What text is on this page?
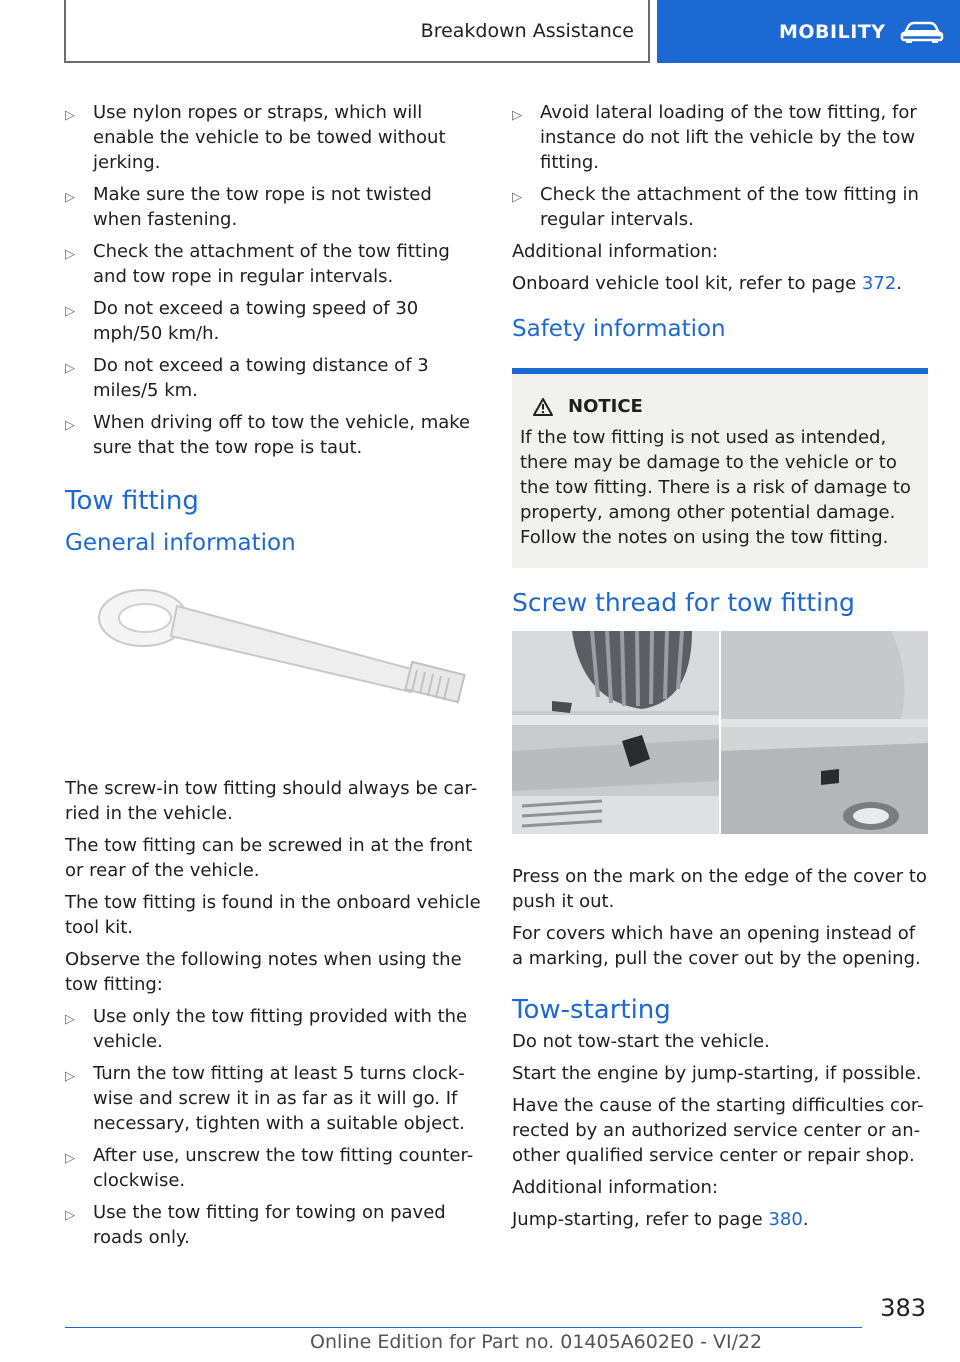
Breakdown Assistance	MOBILITY
▷ Use nylon ropes or straps, which will enable the vehicle to be towed without jerking.
▷ Make sure the tow rope is not twisted when fastening.
▷ Check the attachment of the tow fitting and tow rope in regular intervals.
▷ Do not exceed a towing speed of 30 mph/50 km/h.
▷ Do not exceed a towing distance of 3 miles/5 km.
▷ When driving off to tow the vehicle, make sure that the tow rope is taut.
Tow fitting
General information

The screw-in tow fitting should always be car-ried in the vehicle.

The tow fitting can be screwed in at the front or rear of the vehicle.

The tow fitting is found in the onboard vehicle tool kit.

Observe the following notes when using the tow fitting:

▷ Use only the tow fitting provided with the vehicle.
▷ Turn the tow fitting at least 5 turns clock-wise and screw it in as far as it will go. If necessary, tighten with a suitable object.
▷ After use, unscrew the tow fitting counter-clockwise.
▷ Use the tow fitting for towing on paved roads only.
▷ Avoid lateral loading of the tow fitting, for instance do not lift the vehicle by the tow fitting.
▷ Check the attachment of the tow fitting in regular intervals.

Additional information:

Onboard vehicle tool kit, refer to page 372.

Safety information
NOTICE

If the tow fitting is not used as intended, there may be damage to the vehicle or to the tow fitting. There is a risk of damage to property, among other potential damage. Follow the notes on using the tow fitting.

Screw thread for tow fitting

Press on the mark on the edge of the cover to push it out.

For covers which have an opening instead of a marking, pull the cover out by the opening.

Tow-starting

Do not tow-start the vehicle.

Start the engine by jump-starting, if possible.

Have the cause of the starting difficulties cor-rected by an authorized service center or an-other qualified service center or repair shop.

Additional information:

Jump-starting, refer to page 380.

383
Online Edition for Part no. 01405A602E0 - VI/22
